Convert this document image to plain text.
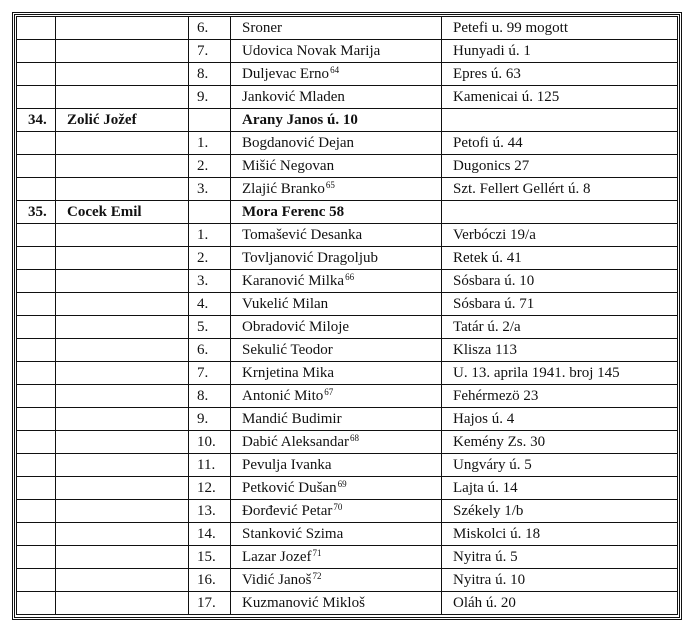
		6.	Sroner	Petefi u. 99 mogott
		7.	Udovica Novak Marija	Hunyadi ú. 1
		8.	Duljevac Erno$^{64}$	Epres ú. 63
		9.	Janković Mladen	Kamenicai ú. 125
34.	Zolić Jožef		Arany Janos ú. 10	
		1.	Bogdanović Dejan	Petofi ú. 44
		2.	Mišić Negovan	Dugonics 27
		3.	Zlajić Branko$^{65}$	Szt. Fellert Gellért ú. 8
35.	Cocek Emil		Mora Ferenc 58	
		1.	Tomašević Desanka	Verbóczi 19/a
		2.	Tovljanović Dragoljub	Retek ú. 41
		3.	Karanović Milka$^{66}$	Sósbara ú. 10
		4.	Vukelić Milan	Sósbara ú. 71
		5.	Obradović Miloje	Tatár ú. 2/a
		6.	Sekulić Teodor	Klisza 113
		7.	Krnjetina Mika	U. 13. aprila 1941. broj 145
		8.	Antonić Mito$^{67}$	Fehérmezö 23
		9.	Mandić Budimir	Hajos ú. 4
		10.	Dabić Aleksandar$^{68}$	Kemény Zs. 30
		11.	Pevulja Ivanka	Ungváry ú. 5
		12.	Petković Dušan$^{69}$	Lajta ú. 14
		13.	Đorđević Petar$^{70}$	Székely 1/b
		14.	Stanković Szima	Miskolci ú. 18
		15.	Lazar Jozef$^{71}$	Nyitra ú. 5
		16.	Vidić Janoš$^{72}$	Nyitra ú. 10
		17.	Kuzmanović Mikloš	Oláh ú. 20
